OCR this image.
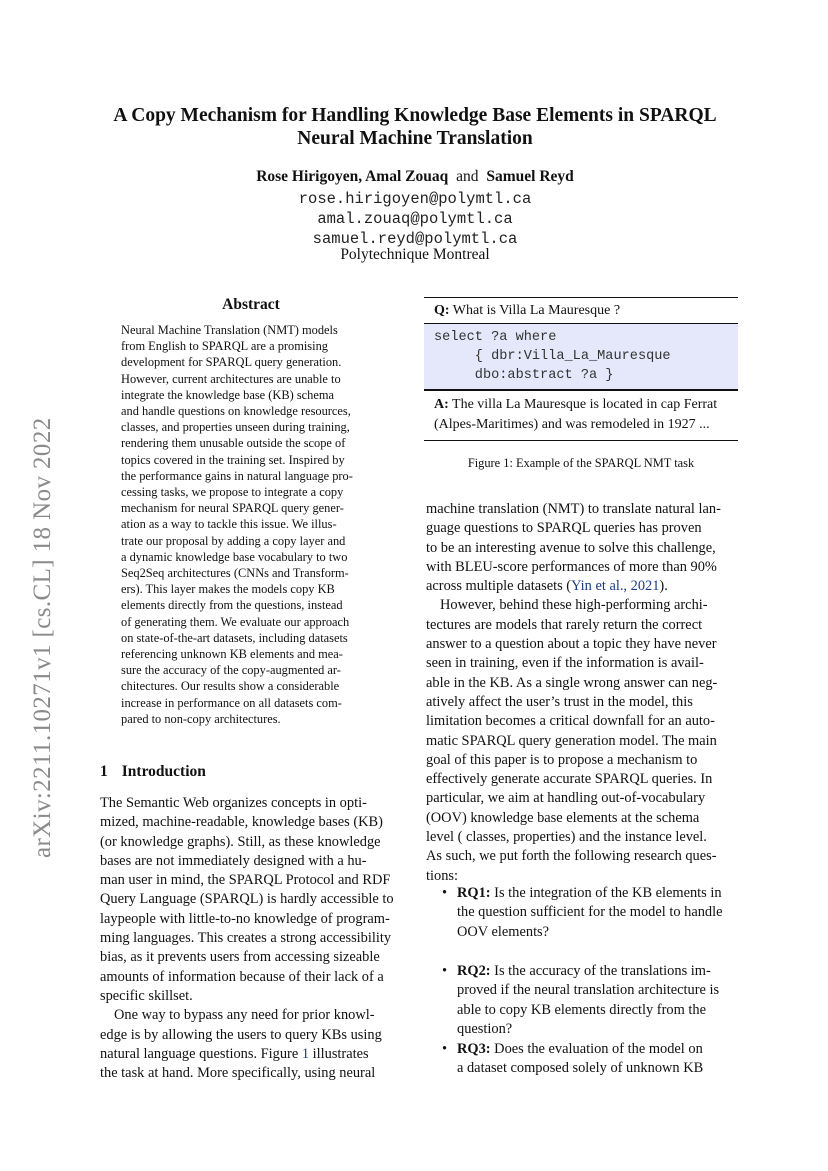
arXiv:2211.10271v1 [cs.CL] 18 Nov 2022
A Copy Mechanism for Handling Knowledge Base Elements in SPARQL
Neural Machine Translation
Rose Hirigoyen, Amal Zouaq and Samuel Reyd
rose.hirigoyen@polymtl.ca
amal.zouaq@polymtl.ca
samuel.reyd@polymtl.ca
Polytechnique Montreal
Abstract
Neural Machine Translation (NMT) models
from English to SPARQL are a promising
development for SPARQL query generation.
However, current architectures are unable to
integrate the knowledge base (KB) schema
and handle questions on knowledge resources,
classes, and properties unseen during training,
rendering them unusable outside the scope of
topics covered in the training set. Inspired by
the performance gains in natural language pro-
cessing tasks, we propose to integrate a copy
mechanism for neural SPARQL query gener-
ation as a way to tackle this issue. We illus-
trate our proposal by adding a copy layer and
a dynamic knowledge base vocabulary to two
Seq2Seq architectures (CNNs and Transform-
ers). This layer makes the models copy KB
elements directly from the questions, instead
of generating them. We evaluate our approach
on state-of-the-art datasets, including datasets
referencing unknown KB elements and mea-
sure the accuracy of the copy-augmented ar-
chitectures. Our results show a considerable
increase in performance on all datasets com-
pared to non-copy architectures.
1 Introduction
The Semantic Web organizes concepts in opti-
mized, machine-readable, knowledge bases (KB)
(or knowledge graphs). Still, as these knowledge
bases are not immediately designed with a hu-
man user in mind, the SPARQL Protocol and RDF
Query Language (SPARQL) is hardly accessible to
laypeople with little-to-no knowledge of program-
ming languages. This creates a strong accessibility
bias, as it prevents users from accessing sizeable
amounts of information because of their lack of a
specific skillset.
One way to bypass any need for prior knowl-
edge is by allowing the users to query KBs using
natural language questions. Figure 1 illustrates
the task at hand. More specifically, using neural
Q: What is Villa La Mauresque ?
select ?a where
{ dbr:Villa_La_Mauresque
dbo:abstract ?a }
A: The villa La Mauresque is located in cap Ferrat
(Alpes-Maritimes) and was remodeled in 1927 ...
Figure 1: Example of the SPARQL NMT task
machine translation (NMT) to translate natural lan-
guage questions to SPARQL queries has proven
to be an interesting avenue to solve this challenge,
with BLEU-score performances of more than 90%
across multiple datasets (Yin et al., 2021).
However, behind these high-performing archi-
tectures are models that rarely return the correct
answer to a question about a topic they have never
seen in training, even if the information is avail-
able in the KB. As a single wrong answer can neg-
atively affect the user’s trust in the model, this
limitation becomes a critical downfall for an auto-
matic SPARQL query generation model. The main
goal of this paper is to propose a mechanism to
effectively generate accurate SPARQL queries. In
particular, we aim at handling out-of-vocabulary
(OOV) knowledge base elements at the schema
level ( classes, properties) and the instance level.
As such, we put forth the following research ques-
tions:
• RQ1: Is the integration of the KB elements in
the question sufficient for the model to handle
OOV elements?
• RQ2: Is the accuracy of the translations im-
proved if the neural translation architecture is
able to copy KB elements directly from the
question?
• RQ3: Does the evaluation of the model on
a dataset composed solely of unknown KB
